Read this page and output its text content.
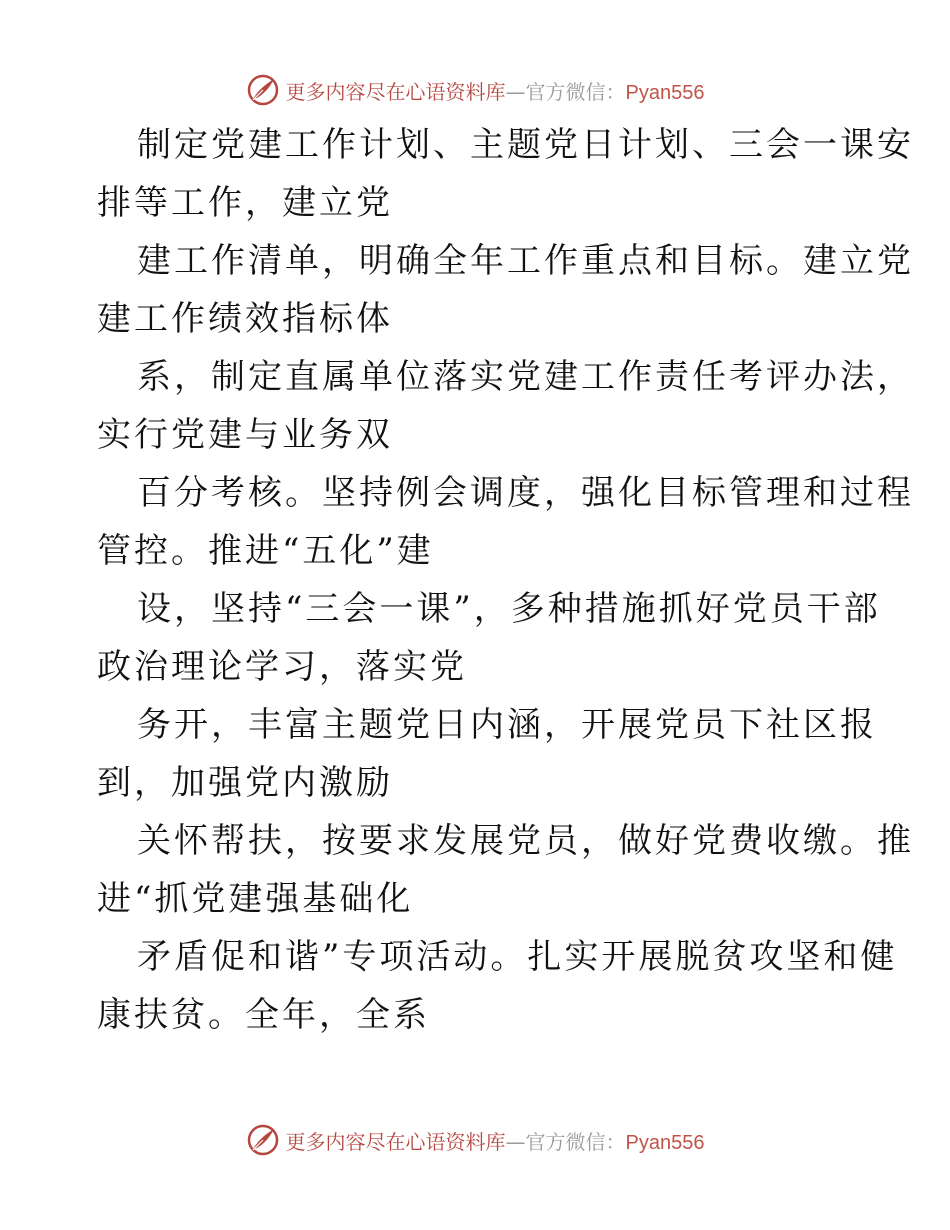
更多内容尽在心语资料库—官方微信：Pyan556

制定党建工作计划、主题党日计划、三会一课安
排等工作，建立党

建工作清单，明确全年工作重点和目标。建立党
建工作绩效指标体

系，制定直属单位落实党建工作责任考评办法，
实行党建与业务双

百分考核。坚持例会调度，强化目标管理和过程
管控。推进“五化”建

设，坚持“三会一课”，多种措施抓好党员干部
政治理论学习，落实党

务开，丰富主题党日内涵，开展党员下社区报
到，加强党内激励

关怀帮扶，按要求发展党员，做好党费收缴。推
进“抓党建强基础化

矛盾促和谐”专项活动。扎实开展脱贫攻坚和健
康扶贫。全年，全系

更多内容尽在心语资料库—官方微信：Pyan556
